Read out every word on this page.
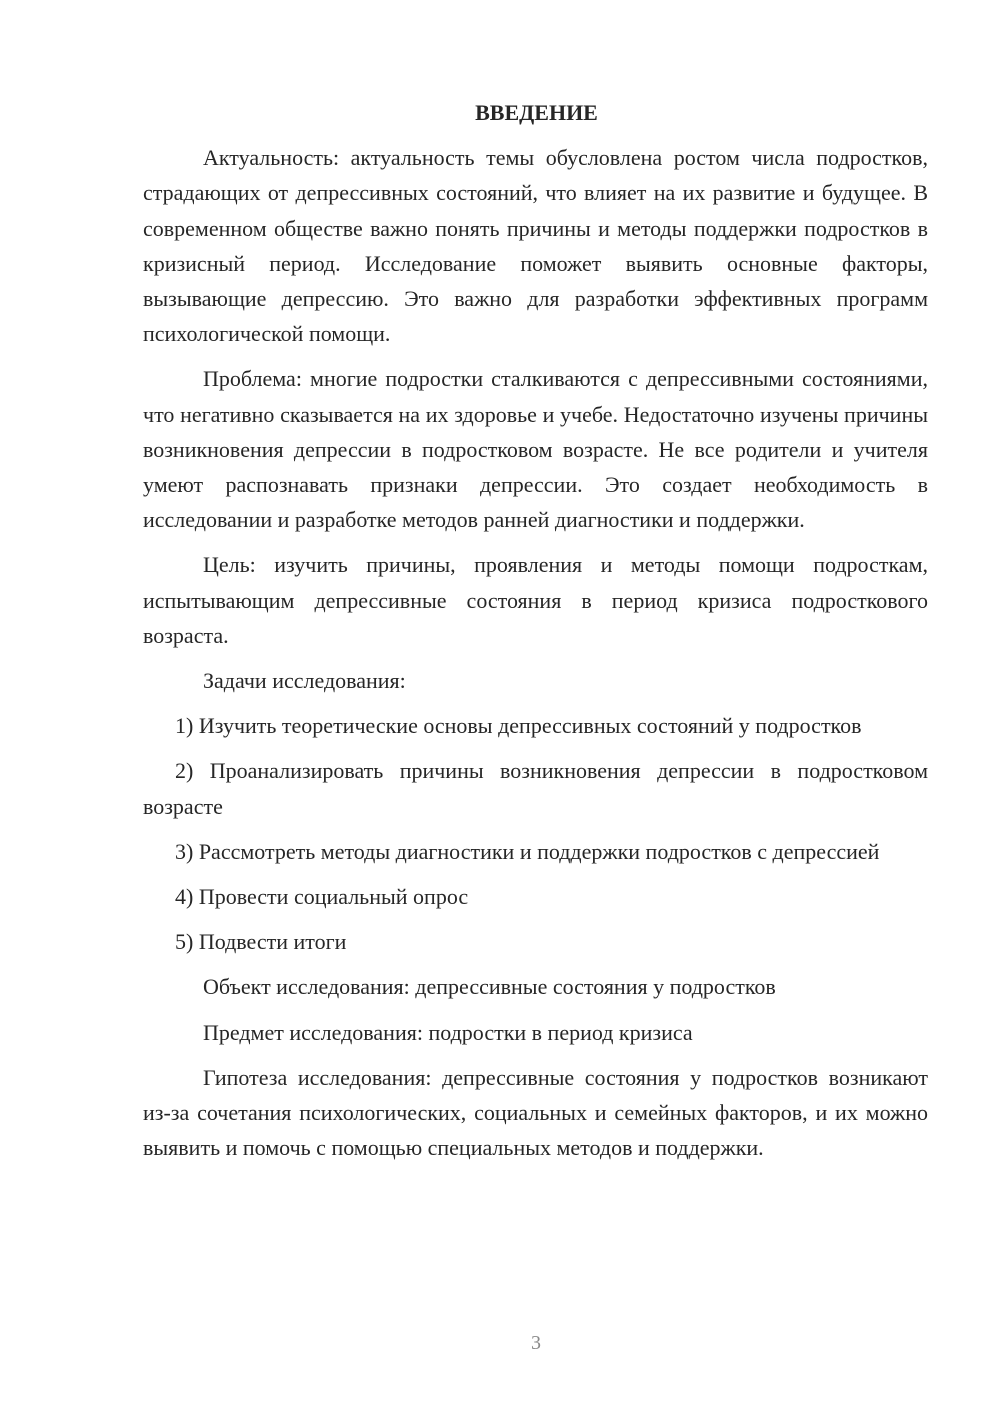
ВВЕДЕНИЕ

Актуальность: актуальность темы обусловлена ростом числа подростков, страдающих от депрессивных состояний, что влияет на их развитие и будущее. В современном обществе важно понять причины и методы поддержки подростков в кризисный период. Исследование поможет выявить основные факторы, вызывающие депрессию. Это важно для разработки эффективных программ психологической помощи.

Проблема: многие подростки сталкиваются с депрессивными состояниями, что негативно сказывается на их здоровье и учебе. Недостаточно изучены причины возникновения депрессии в подростковом возрасте. Не все родители и учителя умеют распознавать признаки депрессии. Это создает необходимость в исследовании и разработке методов ранней диагностики и поддержки.

Цель: изучить причины, проявления и методы помощи подросткам, испытывающим депрессивные состояния в период кризиса подросткового возраста.

Задачи исследования:

1) Изучить теоретические основы депрессивных состояний у подростков

2) Проанализировать причины возникновения депрессии в подростковом возрасте

3) Рассмотреть методы диагностики и поддержки подростков с депрессией

4) Провести социальный опрос

5) Подвести итоги

Объект исследования: депрессивные состояния у подростков

Предмет исследования: подростки в период кризиса

Гипотеза исследования: депрессивные состояния у подростков возникают из-за сочетания психологических, социальных и семейных факторов, и их можно выявить и помочь с помощью специальных методов и поддержки.

3
